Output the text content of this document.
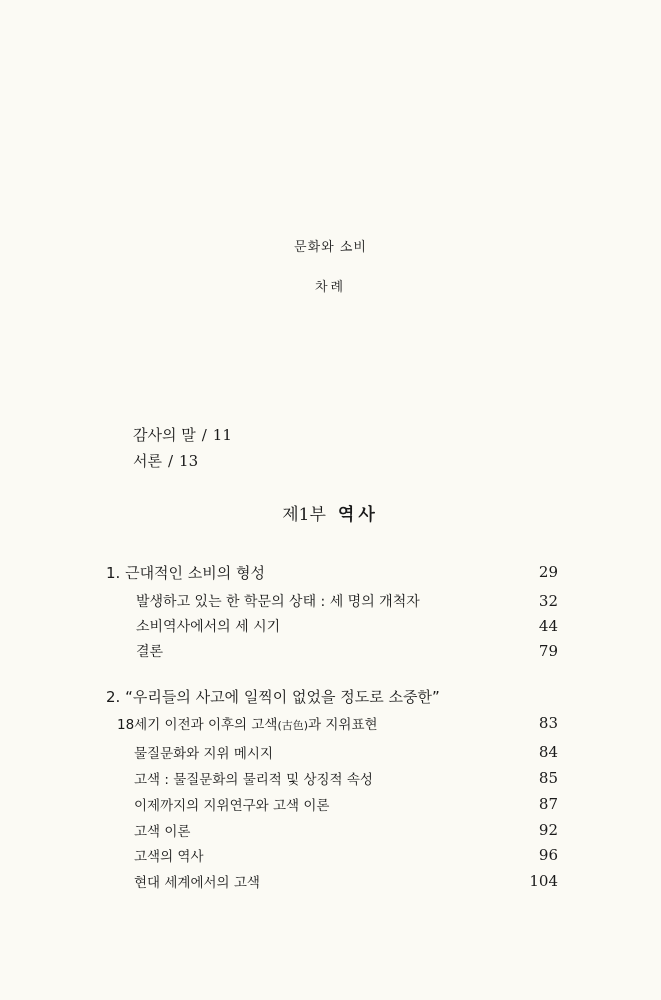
문화와 소비
차례
감사의 말 / 11
서론 / 13
제1부 역사
1. 근대적인 소비의 형성	29
발생하고 있는 한 학문의 상태 : 세 명의 개척자	32
소비역사에서의 세 시기	44
결론	79
2. “우리들의 사고에 일찍이 없었을 정도로 소중한”
18세기 이전과 이후의 고색(古色)과 지위표현	83
물질문화와 지위 메시지	84
고색 : 물질문화의 물리적 및 상징적 속성	85
이제까지의 지위연구와 고색 이론	87
고색 이론	92
고색의 역사	96
현대 세계에서의 고색	104
